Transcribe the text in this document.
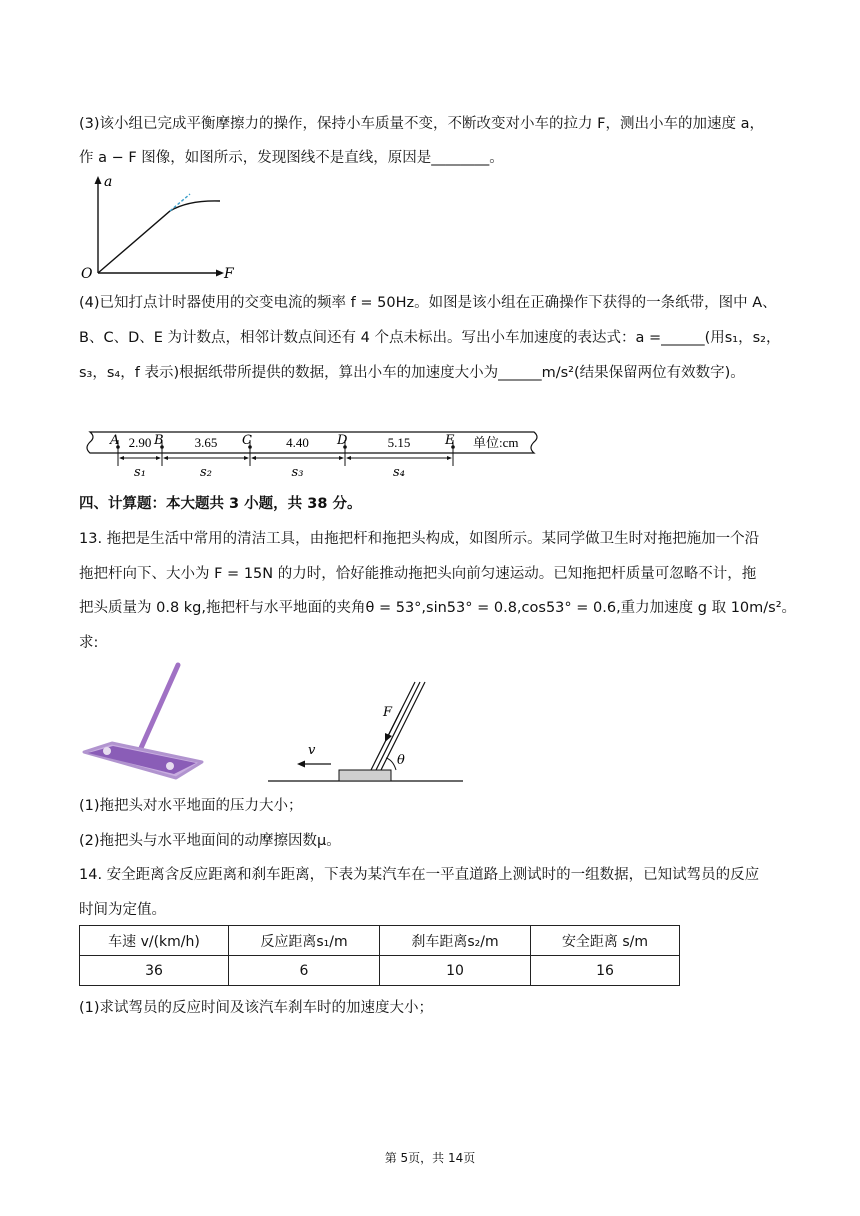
(3)该小组已完成平衡摩擦力的操作，保持小车质量不变，不断改变对小车的拉力 F，测出小车的加速度 a，
作 a − F 图像，如图所示，发现图线不是直线，原因是________。
a
F
O
(4)已知打点计时器使用的交变电流的频率 f = 50Hz。如图是该小组在正确操作下获得的一条纸带，图中 A、
B、C、D、E 为计数点，相邻计数点间还有 4 个点未标出。写出小车加速度的表达式：a =______(用s₁，s₂，
s₃，s₄，f 表示)根据纸带所提供的数据，算出小车的加速度大小为______m/s²(结果保留两位有效数字)。
A	B	C	D	E
2.90
s₁
3.65
s₂
4.40
s₃
5.15
s₄
单位:cm
四、计算题：本大题共 3 小题，共 38 分。
13. 拖把是生活中常用的清洁工具，由拖把杆和拖把头构成，如图所示。某同学做卫生时对拖把施加一个沿
拖把杆向下、大小为 F = 15N 的力时，恰好能推动拖把头向前匀速运动。已知拖把杆质量可忽略不计，拖
把头质量为 0.8 kg,拖把杆与水平地面的夹角θ = 53°,sin53° = 0.8,cos53° = 0.6,重力加速度 g 取 10m/s²。
求:
F
θ
v
(1)拖把头对水平地面的压力大小；
(2)拖把头与水平地面间的动摩擦因数μ。
14. 安全距离含反应距离和刹车距离，下表为某汽车在一平直道路上测试时的一组数据，已知试驾员的反应
时间为定值。
车速 v/(km/h)	反应距离s₁/m	刹车距离s₂/m	安全距离 s/m
36	6	10	16
(1)求试驾员的反应时间及该汽车刹车时的加速度大小；
第 5页，共 14页
